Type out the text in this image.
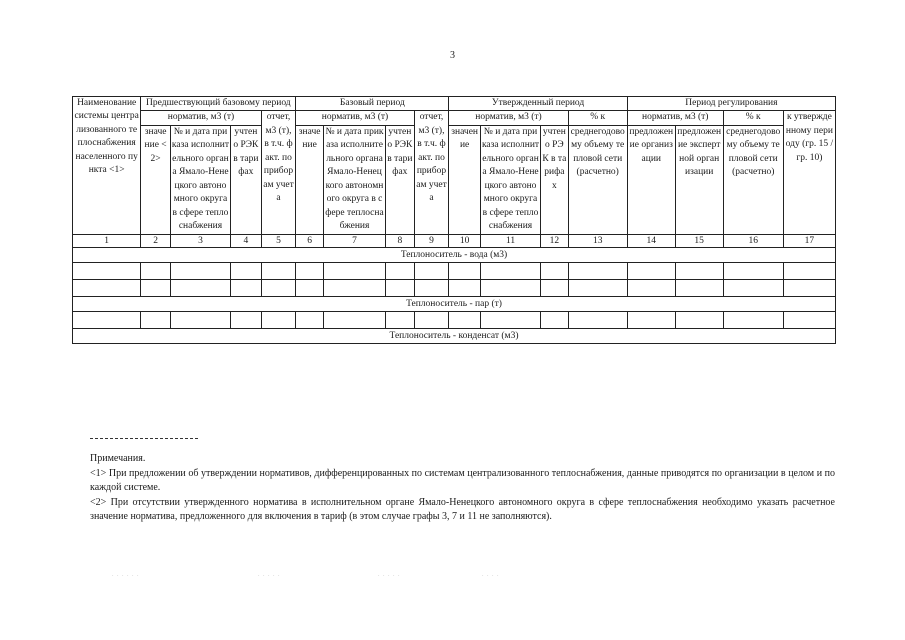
3
Наименование системы централизованного теплоснабжения населенного пункта <1>	Предшествующий базовому период				Базовый период				Утвержденный период				Период регулирования			
	норматив, м3 (т)			отчет, м3 (т), в т.ч. факт. по приборам учета	норматив, м3 (т)			отчет, м3 (т), в т.ч. факт. по приборам учета	норматив, м3 (т)			% к	норматив, м3 (т)		% к	к утвержденному периоду (гр. 15 / гр. 10)
	значение <2>	№ и дата приказа исполнительного органа Ямало-Ненецкого автономного округа в сфере теплоснабжения	учтено РЭК в тарифах		значение	№ и дата приказа исполнительного органа Ямало-Ненецкого автономного округа в сфере теплоснабжения	учтено РЭК в тарифах		значение	№ и дата приказа исполнительного органа Ямало-Ненецкого автономного округа в сфере теплоснабжения	учтено РЭК в тарифах	среднегодовому объему тепловой сети (расчетно)	предложение организации	предложение экспертной организации	среднегодовому объему тепловой сети (расчетно)	
1	2	3	4	5	6	7	8	9	10	11	12	13	14	15	16	17
Теплоноситель - вода (м3)																

Теплоноситель - пар (т)																

Теплоноситель - конденсат (м3)																

Примечания.

<1> При предложении об утверждении нормативов, дифференцированных по системам централизованного теплоснабжения, данные приводятся по организации в целом и по каждой системе.

<2> При отсутствии утвержденного норматива в исполнительном органе Ямало-Ненецкого автономного округа в сфере теплоснабжения необходимо указать расчетное значение норматива, предложенного для включения в тариф (в этом случае графы 3, 7 и 11 не заполняются).

. . . . . .	. . . . .	. . . . .	. . . .
